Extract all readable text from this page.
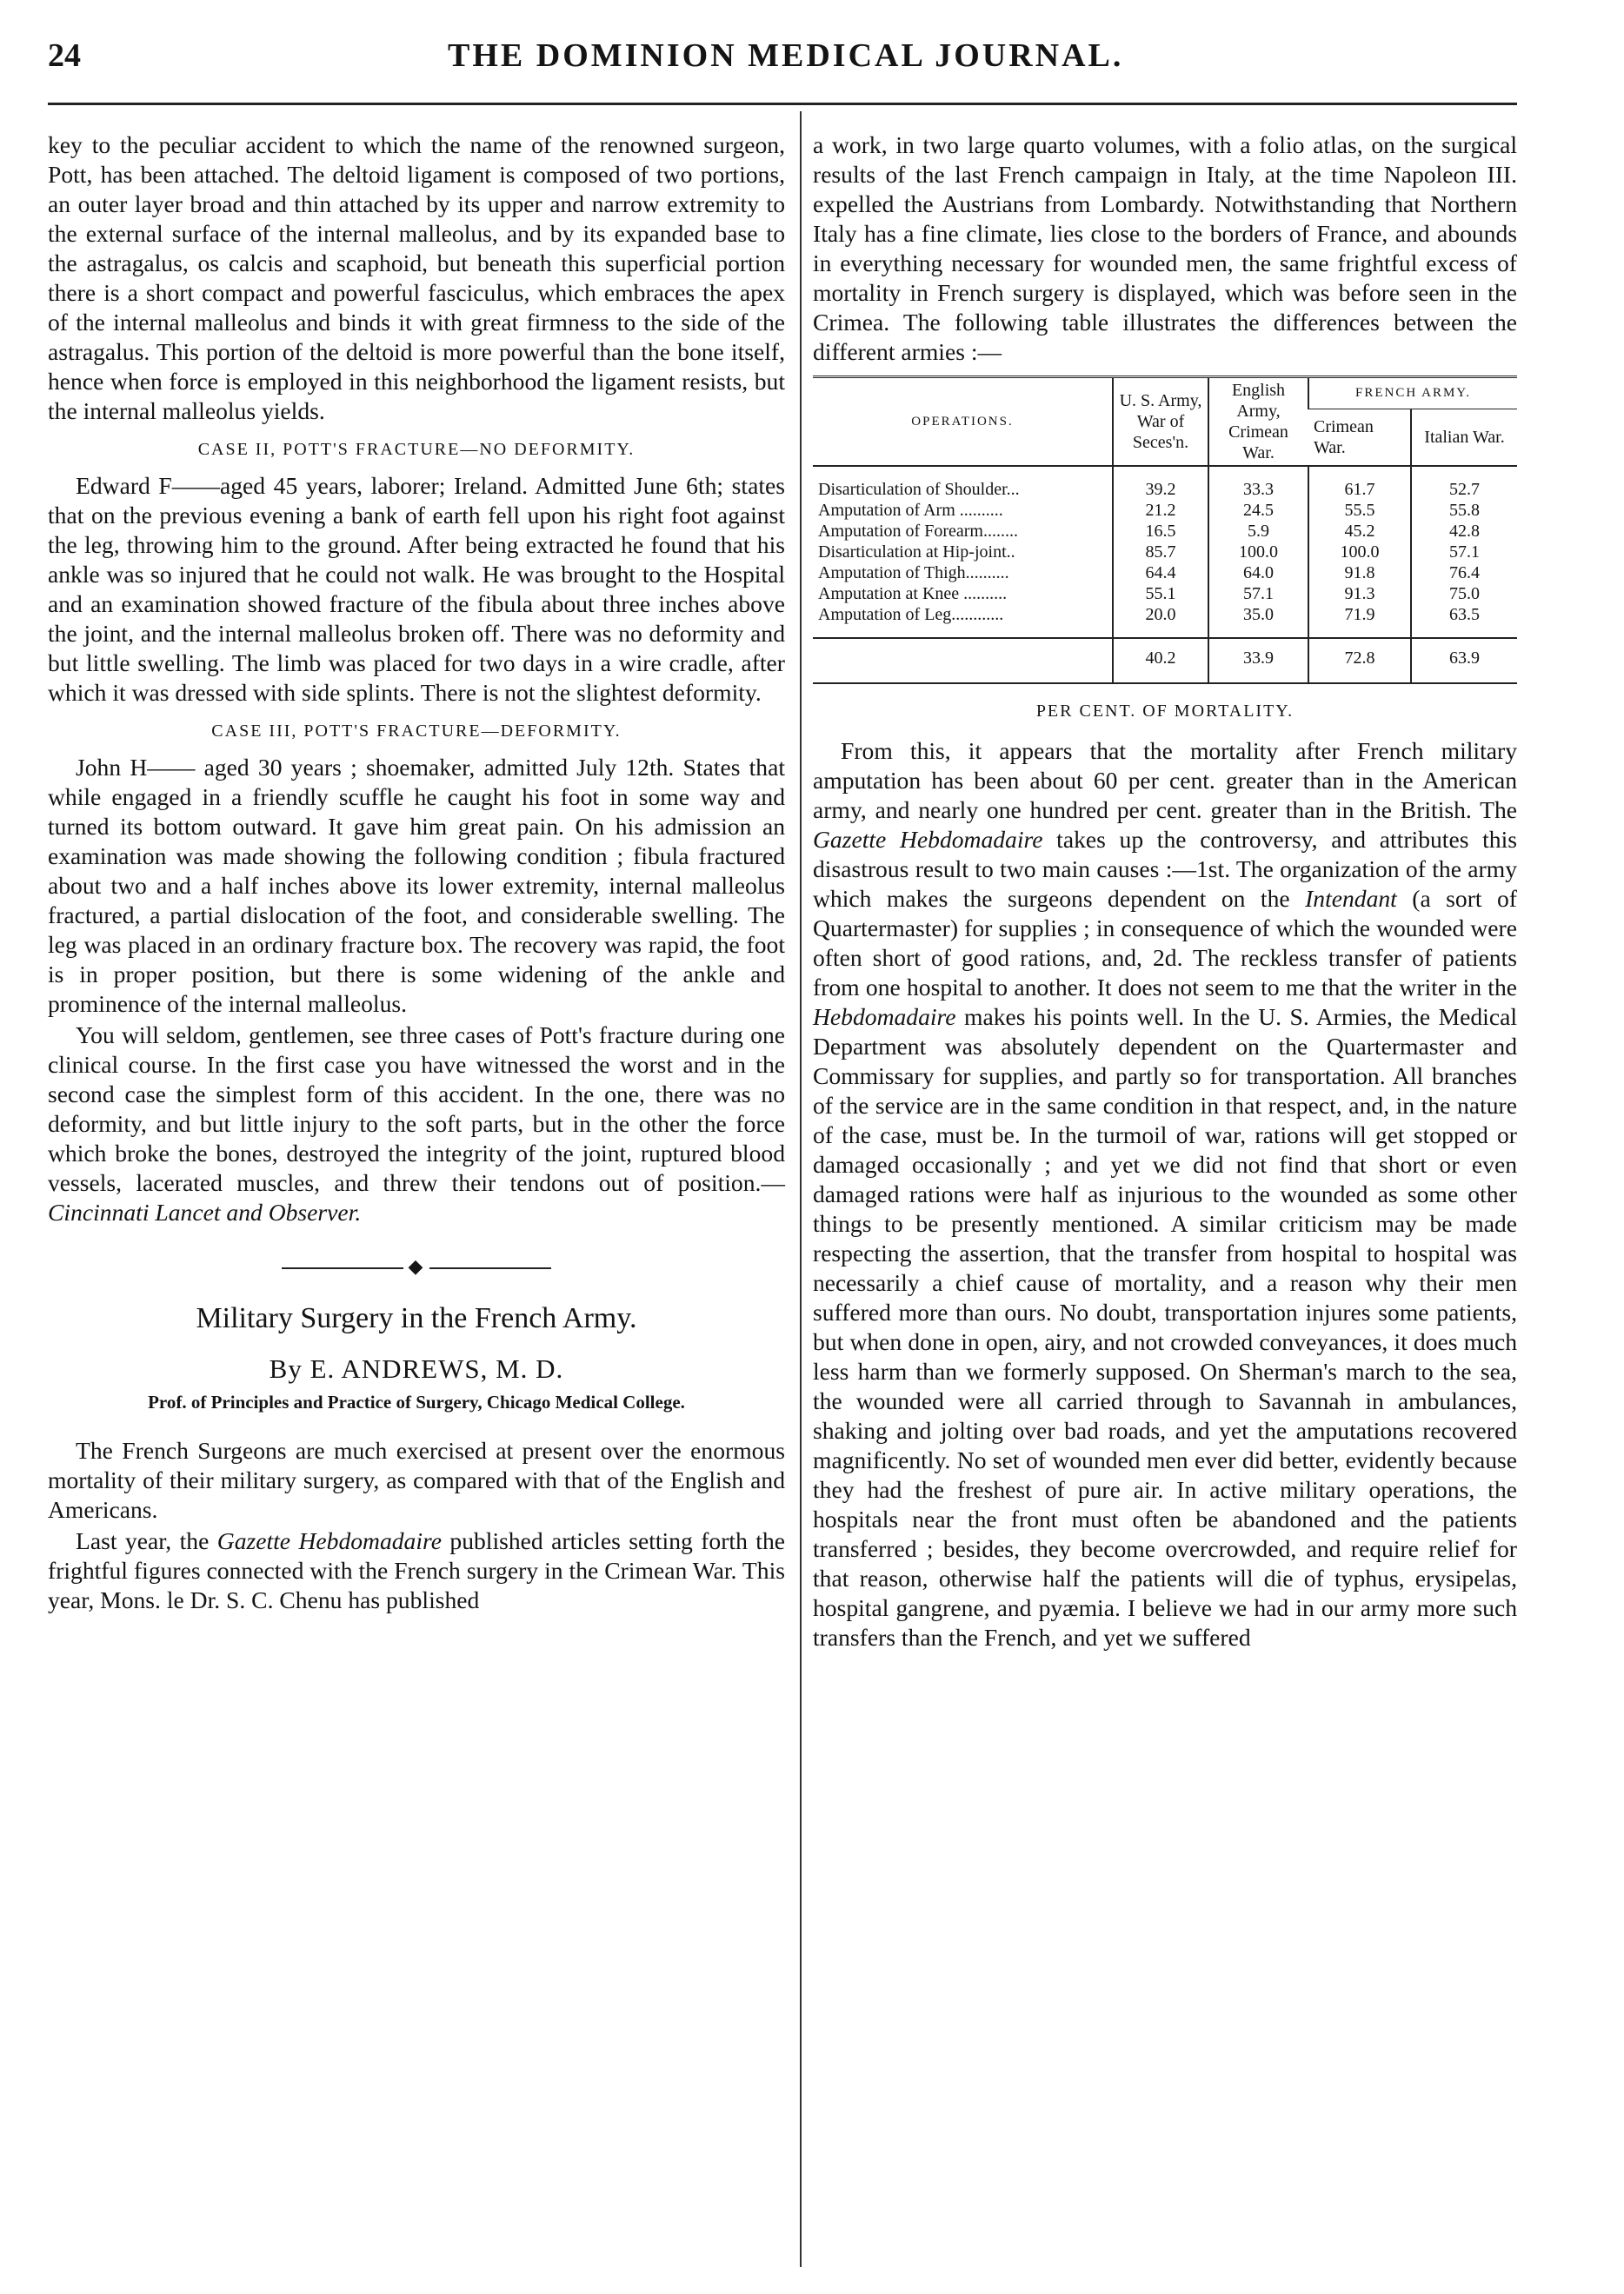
24	THE DOMINION MEDICAL JOURNAL.

key to the peculiar accident to which the name of the renowned surgeon, Pott, has been attached. The deltoid ligament is composed of two portions, an outer layer broad and thin attached by its upper and narrow extremity to the external surface of the internal malleolus, and by its expanded base to the astragalus, os calcis and scaphoid, but beneath this superficial portion there is a short compact and powerful fasciculus, which embraces the apex of the internal malleolus and binds it with great firmness to the side of the astragalus. This portion of the deltoid is more powerful than the bone itself, hence when force is employed in this neighborhood the ligament resists, but the internal malleolus yields.

CASE II, POTT'S FRACTURE—NO DEFORMITY.

Edward F——aged 45 years, laborer; Ireland. Admitted June 6th; states that on the previous evening a bank of earth fell upon his right foot against the leg, throwing him to the ground. After being extracted he found that his ankle was so injured that he could not walk. He was brought to the Hospital and an examination showed fracture of the fibula about three inches above the joint, and the internal malleolus broken off. There was no deformity and but little swelling. The limb was placed for two days in a wire cradle, after which it was dressed with side splints. There is not the slightest deformity.

CASE III, POTT'S FRACTURE—DEFORMITY.

John H—— aged 30 years ; shoemaker, admitted July 12th. States that while engaged in a friendly scuffle he caught his foot in some way and turned its bottom outward. It gave him great pain. On his admission an examination was made showing the following condition ; fibula fractured about two and a half inches above its lower extremity, internal malleolus fractured, a partial dislocation of the foot, and considerable swelling. The leg was placed in an ordinary fracture box. The recovery was rapid, the foot is in proper position, but there is some widening of the ankle and prominence of the internal malleolus.

You will seldom, gentlemen, see three cases of Pott's fracture during one clinical course. In the first case you have witnessed the worst and in the second case the simplest form of this accident. In the one, there was no deformity, and but little injury to the soft parts, but in the other the force which broke the bones, destroyed the integrity of the joint, ruptured blood vessels, lacerated muscles, and threw their tendons out of position.—Cincinnati Lancet and Observer.

◆
Military Surgery in the French Army.
By E. ANDREWS, M. D.
Prof. of Principles and Practice of Surgery, Chicago Medical College.

The French Surgeons are much exercised at present over the enormous mortality of their military surgery, as compared with that of the English and Americans.

Last year, the Gazette Hebdomadaire published articles setting forth the frightful figures connected with the French surgery in the Crimean War. This year, Mons. le Dr. S. C. Chenu has published

a work, in two large quarto volumes, with a folio atlas, on the surgical results of the last French campaign in Italy, at the time Napoleon III. expelled the Austrians from Lombardy. Notwithstanding that Northern Italy has a fine climate, lies close to the borders of France, and abounds in everything necessary for wounded men, the same frightful excess of mortality in French surgery is displayed, which was before seen in the Crimea. The following table illustrates the differences between the different armies :—

OPERATIONS.	U. S. Army, War of Seces'n.	English Army, Crimean War.	FRENCH ARMY.	
			Crimean War.	Italian War.
Disarticulation of Shoulder...	39.2	33.3	61.7	52.7
Amputation of Arm ..........	21.2	24.5	55.5	55.8
Amputation of Forearm........	16.5	5.9	45.2	42.8
Disarticulation at Hip-joint..	85.7	100.0	100.0	57.1
Amputation of Thigh..........	64.4	64.0	91.8	76.4
Amputation at Knee ..........	55.1	57.1	91.3	75.0
Amputation of Leg............	20.0	35.0	71.9	63.5
	40.2	33.9	72.8	63.9
PER CENT. OF MORTALITY.

From this, it appears that the mortality after French military amputation has been about 60 per cent. greater than in the American army, and nearly one hundred per cent. greater than in the British. The Gazette Hebdomadaire takes up the controversy, and attributes this disastrous result to two main causes :—1st. The organization of the army which makes the surgeons dependent on the Intendant (a sort of Quartermaster) for supplies ; in consequence of which the wounded were often short of good rations, and, 2d. The reckless transfer of patients from one hospital to another. It does not seem to me that the writer in the Hebdomadaire makes his points well. In the U. S. Armies, the Medical Department was absolutely dependent on the Quartermaster and Commissary for supplies, and partly so for transportation. All branches of the service are in the same condition in that respect, and, in the nature of the case, must be. In the turmoil of war, rations will get stopped or damaged occasionally ; and yet we did not find that short or even damaged rations were half as injurious to the wounded as some other things to be presently mentioned. A similar criticism may be made respecting the assertion, that the transfer from hospital to hospital was necessarily a chief cause of mortality, and a reason why their men suffered more than ours. No doubt, transportation injures some patients, but when done in open, airy, and not crowded conveyances, it does much less harm than we formerly supposed. On Sherman's march to the sea, the wounded were all carried through to Savannah in ambulances, shaking and jolting over bad roads, and yet the amputations recovered magnificently. No set of wounded men ever did better, evidently because they had the freshest of pure air. In active military operations, the hospitals near the front must often be abandoned and the patients transferred ; besides, they become overcrowded, and require relief for that reason, otherwise half the patients will die of typhus, erysipelas, hospital gangrene, and pyæmia. I believe we had in our army more such transfers than the French, and yet we suffered
